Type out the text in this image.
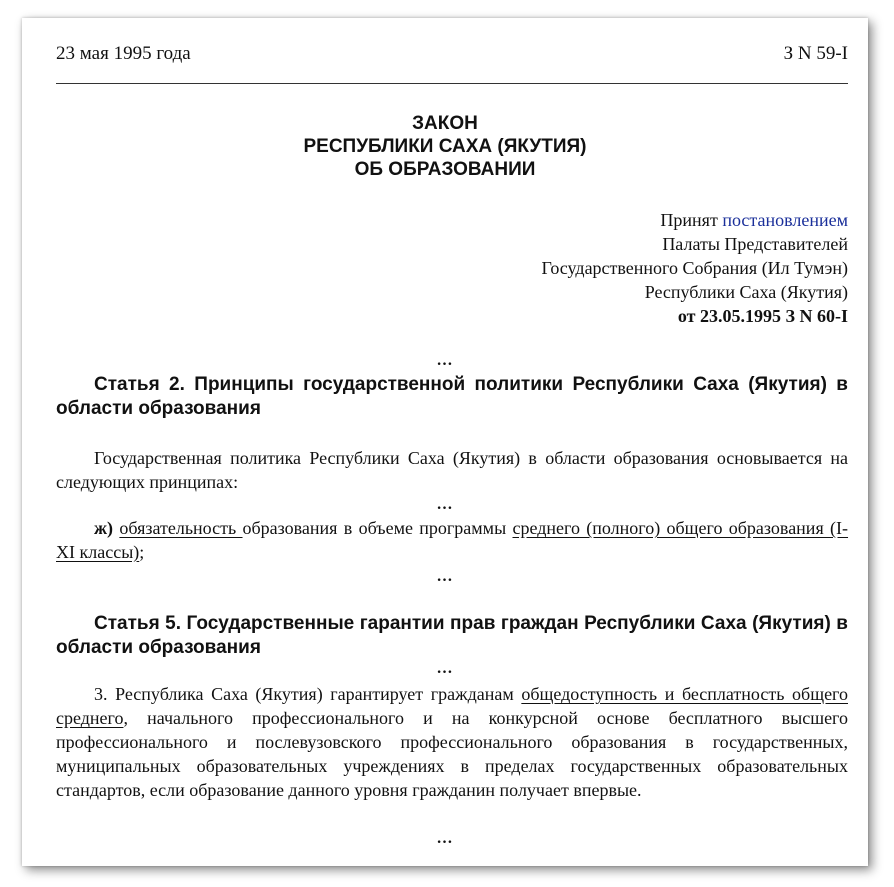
23 мая 1995 года	З N 59-I
ЗАКОН
РЕСПУБЛИКИ САХА (ЯКУТИЯ)
ОБ ОБРАЗОВАНИИ
Принят постановлением
Палаты Представителей
Государственного Собрания (Ил Тумэн)
Республики Саха (Якутия)
от 23.05.1995 З N 60-I
…
Статья 2. Принципы государственной политики Республики Саха (Якутия) в области образования
Государственная политика Республики Саха (Якутия) в области образования основывается на следующих принципах:
…
ж) обязательность образования в объеме программы среднего (полного) общего образования (I-XI классы);
…
Статья 5. Государственные гарантии прав граждан Республики Саха (Якутия) в области образования
…
3. Республика Саха (Якутия) гарантирует гражданам общедоступность и бесплатность общего среднего, начального профессионального и на конкурсной основе бесплатного высшего профессионального и послевузовского профессионального образования в государственных, муниципальных образовательных учреждениях в пределах государственных образовательных стандартов, если образование данного уровня гражданин получает впервые.
…
